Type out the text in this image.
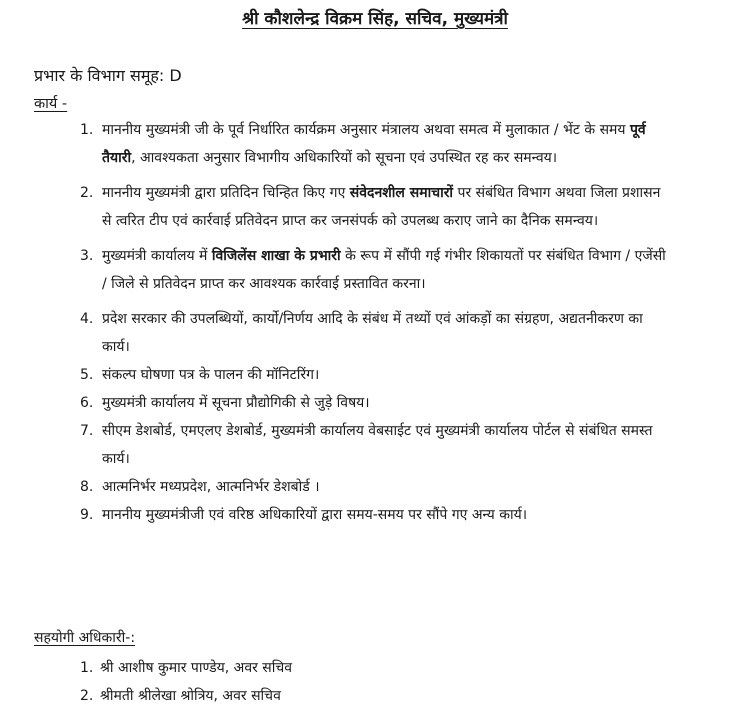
श्री कौशलेन्द्र विक्रम सिंह, सचिव, मुख्यमंत्री
प्रभार के विभाग समूह: D
कार्य -
1. माननीय मुख्यमंत्री जी के पूर्व निर्धारित कार्यक्रम अनुसार मंत्रालय अथवा समत्व में मुलाकात / भेंट के समय पूर्व तैयारी, आवश्यकता अनुसार विभागीय अधिकारियों को सूचना एवं उपस्थित रह कर समन्वय।
2. माननीय मुख्यमंत्री द्वारा प्रतिदिन चिन्हित किए गए संवेदनशील समाचारों पर संबंधित विभाग अथवा जिला प्रशासन से त्वरित टीप एवं कार्रवाई प्रतिवेदन प्राप्त कर जनसंपर्क को उपलब्ध कराए जाने का दैनिक समन्वय।
3. मुख्यमंत्री कार्यालय में विजिलेंस शाखा के प्रभारी के रूप में सौंपी गई गंभीर शिकायतों पर संबंधित विभाग / एजेंसी / जिले से प्रतिवेदन प्राप्त कर आवश्यक कार्रवाई प्रस्तावित करना।
4. प्रदेश सरकार की उपलब्धियों, कार्यो/निर्णय आदि के संबंध में तथ्यों एवं आंकड़ों का संग्रहण, अद्यतनीकरण का कार्य।
5. संकल्प घोषणा पत्र के पालन की मॉनिटरिंग।
6. मुख्यमंत्री कार्यालय में सूचना प्रौद्योगिकी से जुड़े विषय।
7. सीएम डेशबोर्ड, एमएलए डेशबोर्ड, मुख्यमंत्री कार्यालय वेबसाईट एवं मुख्यमंत्री कार्यालय पोर्टल से संबंधित समस्त कार्य।
8. आत्मनिर्भर मध्यप्रदेश, आत्मनिर्भर डेशबोर्ड ।
9. माननीय मुख्यमंत्रीजी एवं वरिष्ठ अधिकारियों द्वारा समय-समय पर सौंपे गए अन्य कार्य।
सहयोगी अधिकारी-:
1. श्री आशीष कुमार पाण्डेय, अवर सचिव
2. श्रीमती श्रीलेखा श्रोत्रिय, अवर सचिव
